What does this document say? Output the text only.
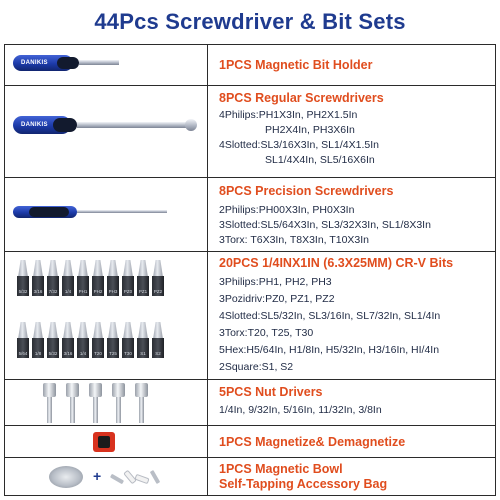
44Pcs Screwdriver & Bit Sets
DANIKIS	1PCS Magnetic Bit Holder
DANIKIS
8PCS Regular Screwdrivers
4Philips:PH1X3In, PH2X1.5In
PH2X4In, PH3X6In
4Slotted:SL3/16X3In, SL1/4X1.5In
SL1/4X4In, SL5/16X6In
8PCS Precision Screwdrivers
2Philips:PH00X3In, PH0X3In
3Slotted:SL5/64X3In, SL3/32X3In, SL1/8X3In
3Torx: T6X3In, T8X3In, T10X3In
5/32	3/16	7/32	1/4	PH1	PH2	PH3	PZ0	PZ1	PZ2
5/64	1/8	5/32	3/16	1/4	T20	T25	T30	S1	S2
20PCS 1/4INX1IN (6.3X25MM) CR-V Bits
3Philips:PH1, PH2, PH3
3Pozidriv:PZ0, PZ1, PZ2
4Slotted:SL5/32In, SL3/16In, SL7/32In, SL1/4In
3Torx:T20, T25, T30
5Hex:H5/64In, H1/8In, H5/32In, H3/16In, HI/4In
2Square:S1, S2
5PCS Nut Drivers
1/4In, 9/32In, 5/16In, 11/32In, 3/8In
1PCS Magnetize& Demagnetize
+	1PCS Magnetic Bowl
Self-Tapping Accessory Bag
